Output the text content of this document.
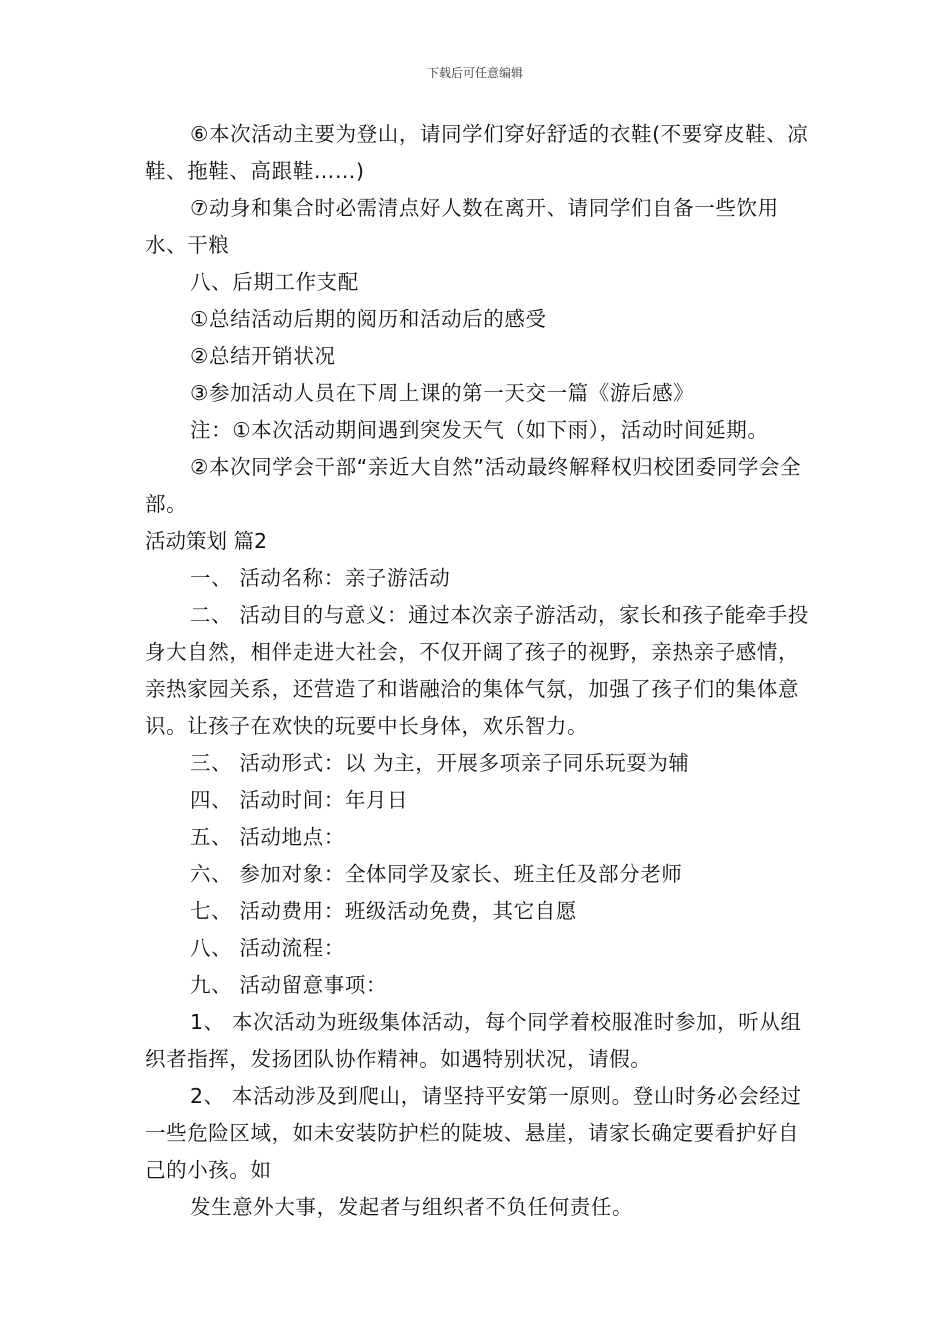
下载后可任意编辑

⑥本次活动主要为登山，请同学们穿好舒适的衣鞋(不要穿皮鞋、凉鞋、拖鞋、高跟鞋……)

⑦动身和集合时必需清点好人数在离开、请同学们自备一些饮用水、干粮

八、后期工作支配

①总结活动后期的阅历和活动后的感受

②总结开销状况

③参加活动人员在下周上课的第一天交一篇《游后感》

注：①本次活动期间遇到突发天气（如下雨），活动时间延期。

②本次同学会干部“亲近大自然”活动最终解释权归校团委同学会全部。

活动策划 篇2

一、 活动名称：亲子游活动

二、 活动目的与意义：通过本次亲子游活动，家长和孩子能牵手投身大自然，相伴走进大社会，不仅开阔了孩子的视野，亲热亲子感情，亲热家园关系，还营造了和谐融洽的集体气氛，加强了孩子们的集体意识。让孩子在欢快的玩要中长身体，欢乐智力。

三、 活动形式：以 为主，开展多项亲子同乐玩耍为辅

四、 活动时间：年月日

五、 活动地点：

六、 参加对象：全体同学及家长、班主任及部分老师

七、 活动费用：班级活动免费，其它自愿

八、 活动流程：

九、 活动留意事项：

1、 本次活动为班级集体活动，每个同学着校服准时参加，听从组织者指挥，发扬团队协作精神。如遇特别状况，请假。

2、 本活动涉及到爬山，请坚持平安第一原则。登山时务必会经过一些危险区域，如未安装防护栏的陡坡、悬崖，请家长确定要看护好自己的小孩。如

发生意外大事，发起者与组织者不负任何责任。
